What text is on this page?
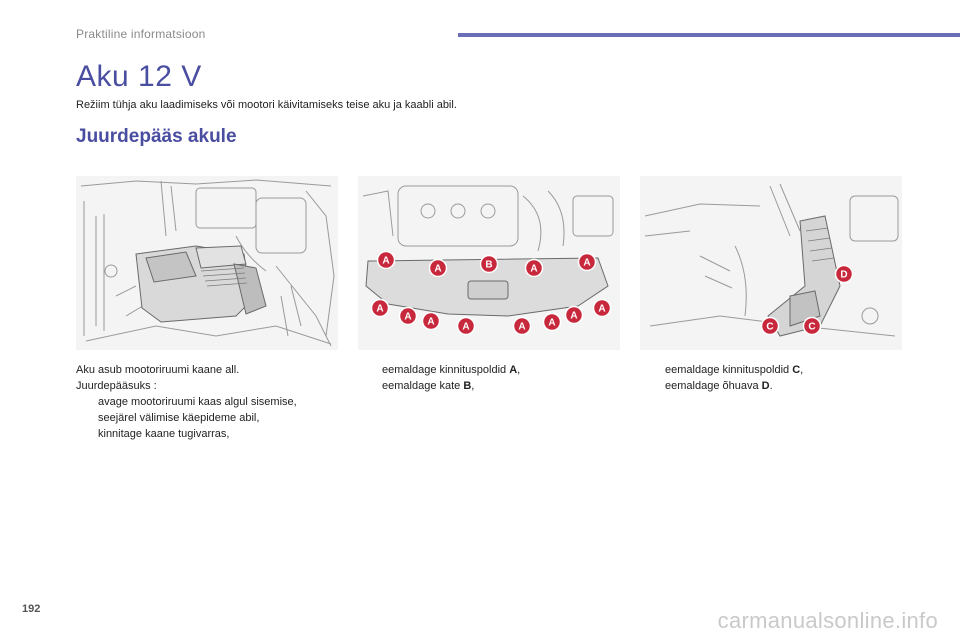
Praktiline informatsioon
Aku 12 V
Režiim tühja aku laadimiseks või mootori käivitamiseks teise aku ja kaabli abil.
Juurdepääs akule
A
A	B	A
A
A
A A	A	A A
A
A
D
C	C

Aku asub mootoriruumi kaane all.

Juurdepääsuks :

avage mootoriruumi kaas algul sisemise,
seejärel välimise käepideme abil,
kinnitage kaane tugivarras,
eemaldage kinnituspoldid A,
eemaldage kate B,
eemaldage kinnituspoldid C,
eemaldage õhuava D.
192	carmanualsonline.info
